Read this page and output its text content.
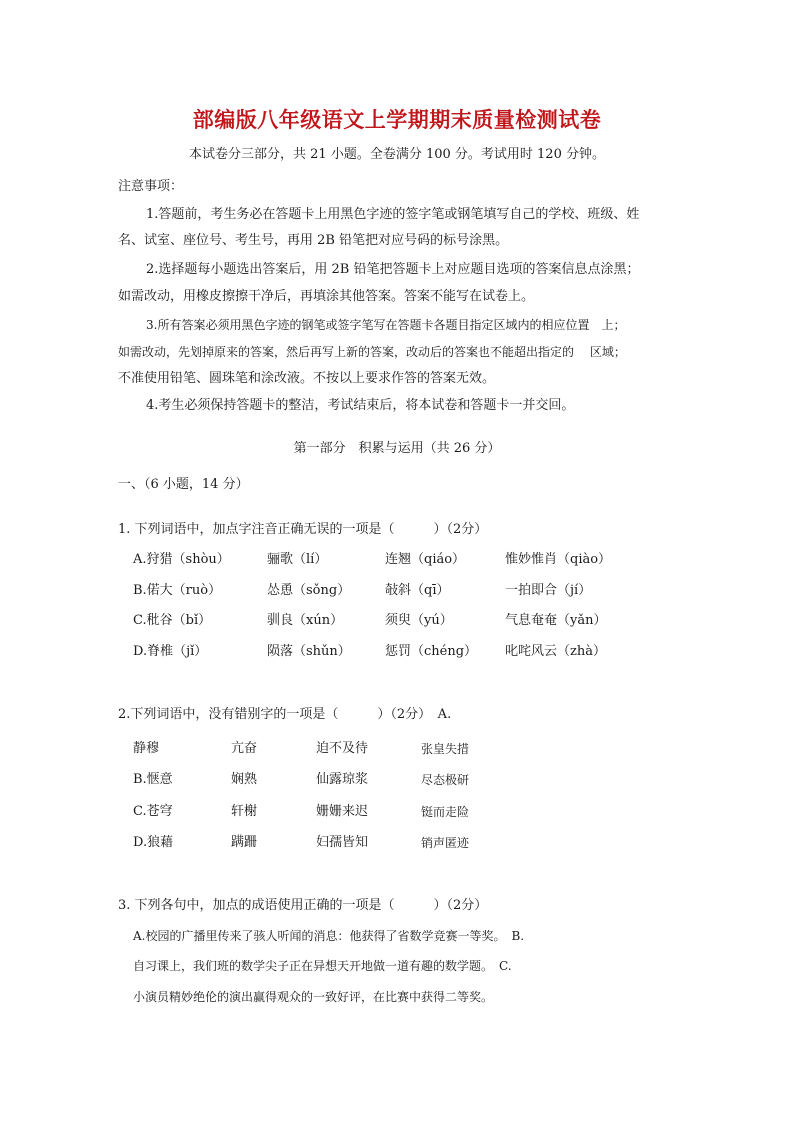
部编版八年级语文上学期期末质量检测试卷
本试卷分三部分，共 21 小题。全卷满分 100 分。考试用时 120 分钟。
注意事项：
1.答题前，考生务必在答题卡上用黑色字迹的签字笔或钢笔填写自己的学校、班级、姓
名、试室、座位号、考生号，再用 2B 铅笔把对应号码的标号涂黑。
2.选择题每小题选出答案后，用 2B 铅笔把答题卡上对应题目选项的答案信息点涂黑；
如需改动，用橡皮擦擦干净后，再填涂其他答案。答案不能写在试卷上。
3.所有答案必须用黑色字迹的钢笔或签字笔写在答题卡各题目指定区域内的相应位置　上；
如需改动，先划掉原来的答案，然后再写上新的答案，改动后的答案也不能超出指定的　 区域；
不准使用铅笔、圆珠笔和涂改液。不按以上要求作答的答案无效。
4.考生必须保持答题卡的整洁，考试结束后，将本试卷和答题卡一并交回。
第一部分　积累与运用（共 26 分）
一、（6 小题，14 分）
1. 下列词语中，加点字注音正确无误的一项是（　　　）（2分）
A.狩猎（shòu）	骊歌（lí）	连翘（qiáo）	惟妙惟肖（qiào）
B.偌大（ruò）	怂恿（sǒng）	敧斜（qī）	一拍即合（jí）
C.秕谷（bǐ）	驯良（xún）	须臾（yú）	气息奄奄（yǎn）
D.脊椎（jǐ）	陨落（shǔn）	惩罚（chéng） 叱咤风云（zhà）
2.下列词语中，没有错别字的一项是（　　　）（2分）　A.
静穆	亢奋	迫不及待	张皇失措
B.惬意	娴熟	仙露琼浆	尽态极研
C.苍穹	轩榭	姗姗来迟	铤而走险
D.狼藉	蹒跚	妇孺皆知	销声匿迹
3. 下列各句中，加点的成语使用正确的一项是（　　　）（2分）
A.校园的广播里传来了骇人听闻的消息：他获得了省数学竞赛一等奖。　B.
自习课上，我们班的数学尖子正在异想天开地做一道有趣的数学题。　C.
小演员精妙绝伦的演出赢得观众的一致好评，在比赛中获得二等奖。
